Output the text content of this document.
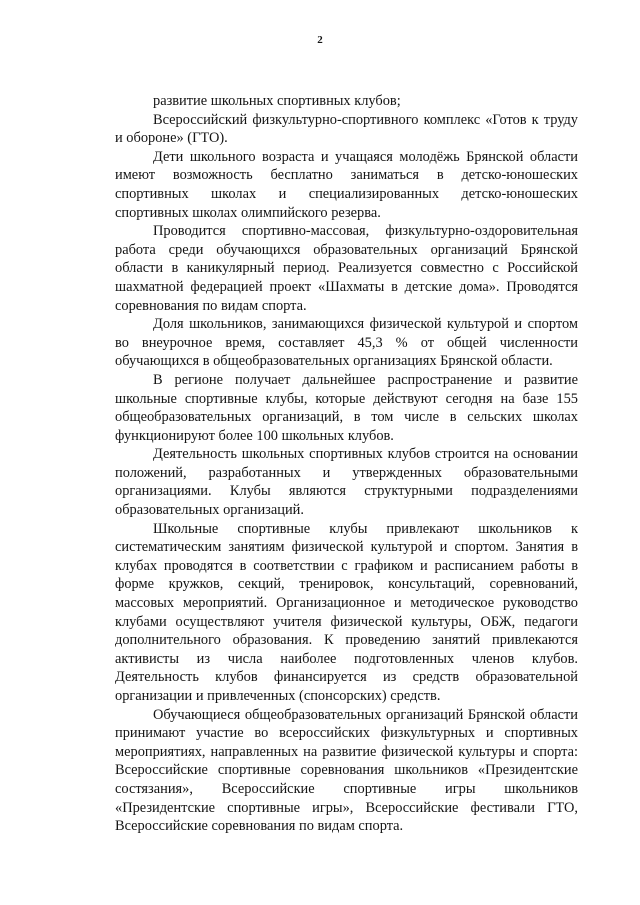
2

развитие школьных спортивных клубов;

Всероссийский физкультурно-спортивного комплекс «Готов к труду и обороне» (ГТО).

Дети школьного возраста и учащаяся молодёжь Брянской области имеют возможность бесплатно заниматься в детско-юношеских спортивных школах и специализированных детско-юношеских спортивных школах олимпийского резерва.

Проводится спортивно-массовая, физкультурно-оздоровительная работа среди обучающихся образовательных организаций Брянской области в каникулярный период. Реализуется совместно с Российской шахматной федерацией проект «Шахматы в детские дома». Проводятся соревнования по видам спорта.

Доля школьников, занимающихся физической культурой и спортом во внеурочное время, составляет 45,3 % от общей численности обучающихся в общеобразовательных организациях Брянской области.

В регионе получает дальнейшее распространение и развитие школьные спортивные клубы, которые действуют сегодня на базе 155 общеобразовательных организаций, в том числе в сельских школах функционируют более 100 школьных клубов.

Деятельность школьных спортивных клубов строится на основании положений, разработанных и утвержденных образовательными организациями. Клубы являются структурными подразделениями образовательных организаций.

Школьные спортивные клубы привлекают школьников к систематическим занятиям физической культурой и спортом. Занятия в клубах проводятся в соответствии с графиком и расписанием работы в форме кружков, секций, тренировок, консультаций, соревнований, массовых мероприятий. Организационное и методическое руководство клубами осуществляют учителя физической культуры, ОБЖ, педагоги дополнительного образования. К проведению занятий привлекаются активисты из числа наиболее подготовленных членов клубов. Деятельность клубов финансируется из средств образовательной организации и привлеченных (спонсорских) средств.

Обучающиеся общеобразовательных организаций Брянской области принимают участие во всероссийских физкультурных и спортивных мероприятиях, направленных на развитие физической культуры и спорта: Всероссийские спортивные соревнования школьников «Президентские состязания», Всероссийские спортивные игры школьников «Президентские спортивные игры», Всероссийские фестивали ГТО, Всероссийские соревнования по видам спорта.
